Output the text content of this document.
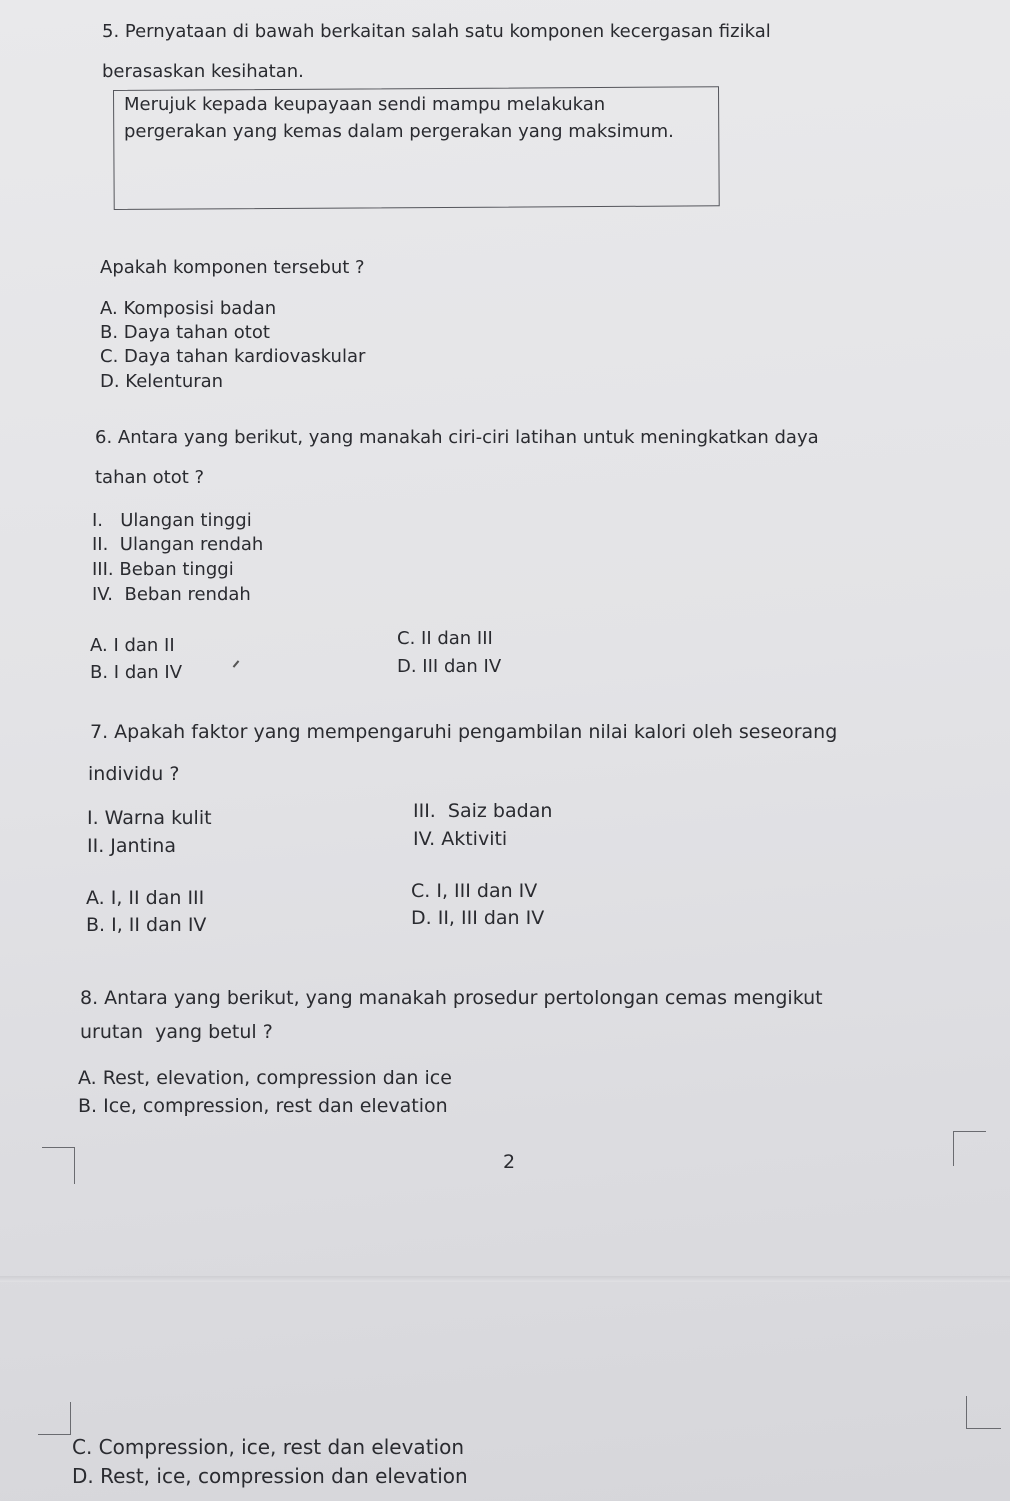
5. Pernyataan di bawah berkaitan salah satu komponen kecergasan fizikal
berasaskan kesihatan.
Merujuk kepada keupayaan sendi mampu melakukan
pergerakan yang kemas dalam pergerakan yang maksimum.
Apakah komponen tersebut ?
A. Komposisi badan
B. Daya tahan otot
C. Daya tahan kardiovaskular
D. Kelenturan
6. Antara yang berikut, yang manakah ciri-ciri latihan untuk meningkatkan daya
tahan otot ?
I.   Ulangan tinggi
II.  Ulangan rendah
III. Beban tinggi
IV.  Beban rendah
A. I dan II
B. I dan IV
C. II dan III
D. III dan IV
7. Apakah faktor yang mempengaruhi pengambilan nilai kalori oleh seseorang
individu ?
I. Warna kulit
II. Jantina
III.  Saiz badan
IV. Aktiviti
A. I, II dan III
B. I, II dan IV
C. I, III dan IV
D. II, III dan IV
8. Antara yang berikut, yang manakah prosedur pertolongan cemas mengikut
urutan  yang betul ?
A. Rest, elevation, compression dan ice
B. Ice, compression, rest dan elevation
2
C. Compression, ice, rest dan elevation
D. Rest, ice, compression dan elevation
